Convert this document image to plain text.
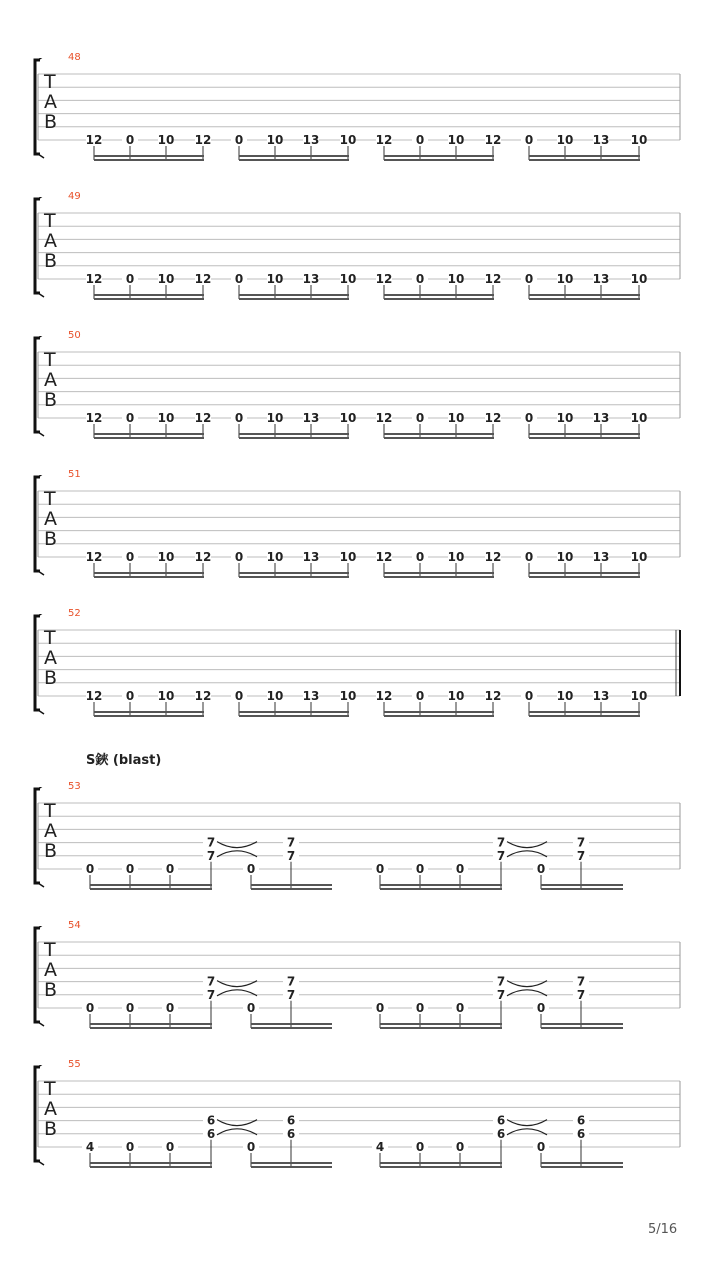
48
T
A
B
12 0 10 12 0 10 13 10 12 0 10 12 0 10 13 10
49
T
A
B
12 0 10 12 0 10 13 10 12 0 10 12 0 10 13 10
50
T
A
B
12 0 10 12 0 10 13 10 12 0 10 12 0 10 13 10
51
T
A
B
12 0 10 12 0 10 13 10 12 0 10 12 0 10 13 10
52
T
A
B
12 0 10 12 0 10 13 10 12 0 10 12 0 10 13 10
53
T
A
B
0	0	0
7
7
0
7
7
0	0	0
7
7
0
7
7
54
T
A
B
0	0	0
7
7
0
7
7
0	0	0
7
7
0
7
7
55
T
A
B
4	0	0
6
6
0
6
6
4	0	0
6
6
0
6
6
S鋏 (blast)
5/16
